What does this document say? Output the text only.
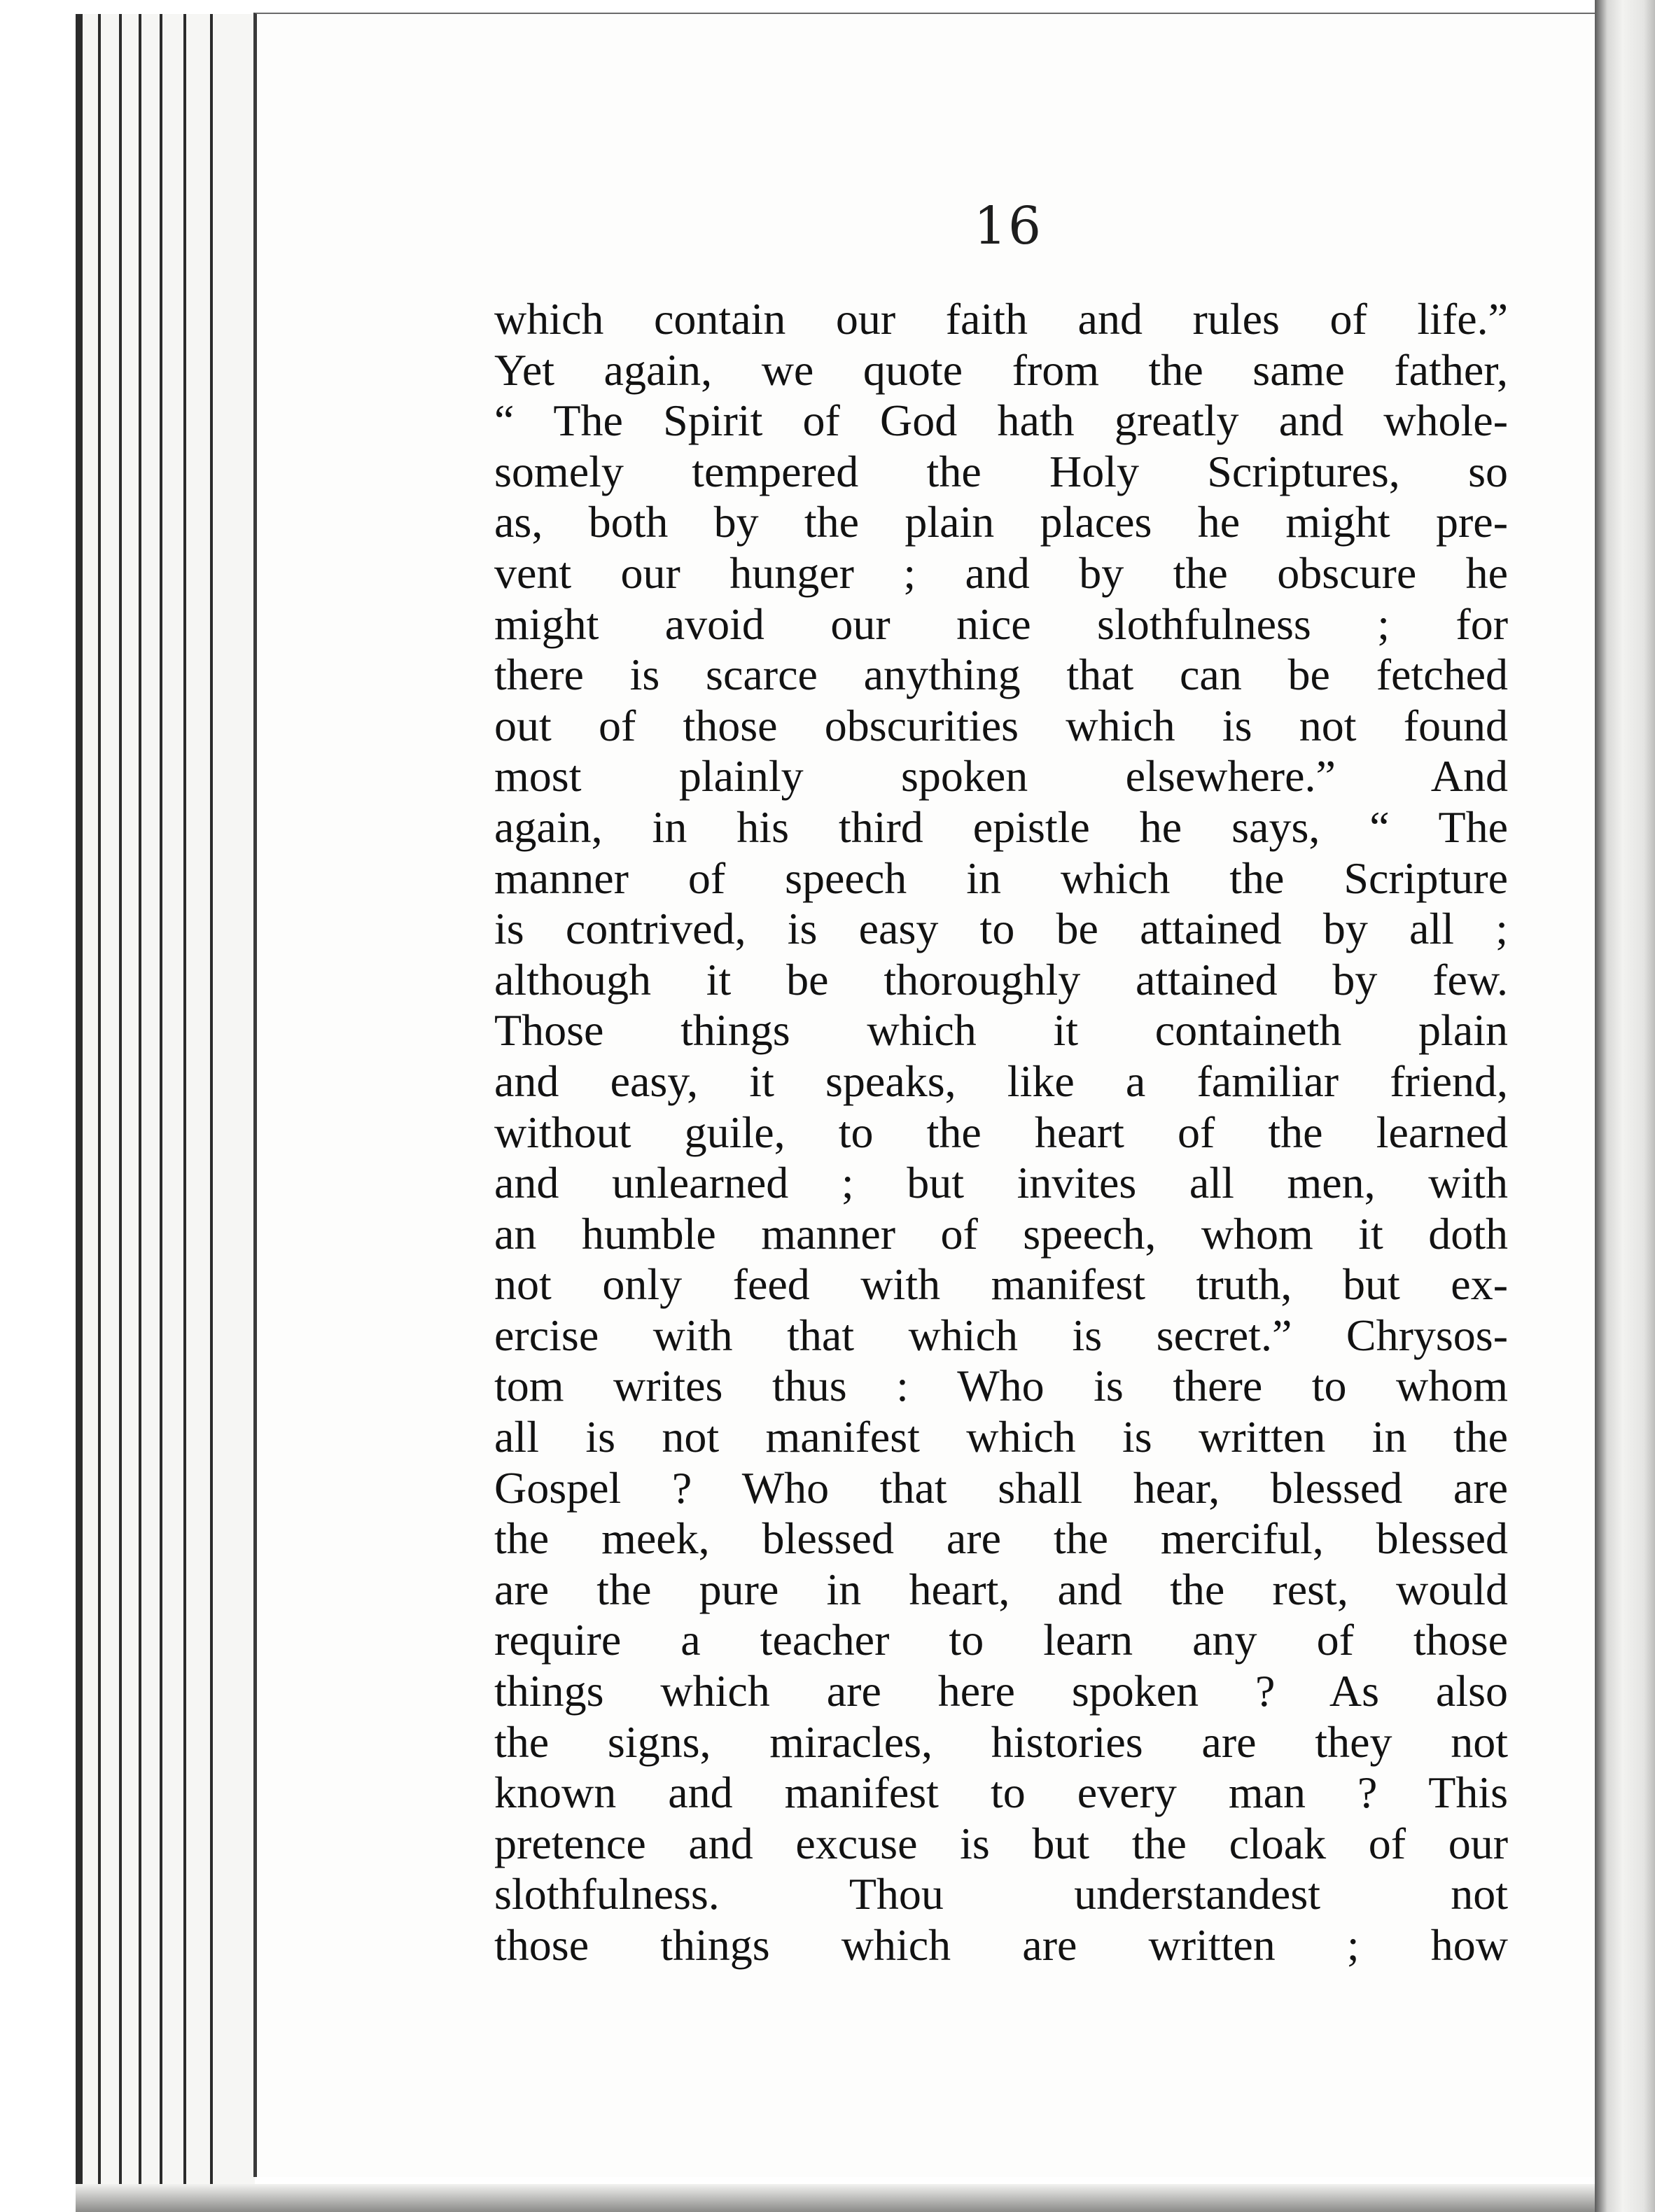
16
which contain our faith and rules of life.”
Yet again, we quote from the same father,
“ The Spirit of God hath greatly and whole-
somely tempered the Holy Scriptures, so
as, both by the plain places he might pre-
vent our hunger ; and by the obscure he
might avoid our nice slothfulness ; for
there is scarce anything that can be fetched
out of those obscurities which is not found
most plainly spoken elsewhere.” And
again, in his third epistle he says, “ The
manner of speech in which the Scripture
is contrived, is easy to be attained by all ;
although it be thoroughly attained by few.
Those things which it containeth plain
and easy, it speaks, like a familiar friend,
without guile, to the heart of the learned
and unlearned ; but invites all men, with
an humble manner of speech, whom it doth
not only feed with manifest truth, but ex-
ercise with that which is secret.” Chrysos-
tom writes thus : Who is there to whom
all is not manifest which is written in the
Gospel ? Who that shall hear, blessed are
the meek, blessed are the merciful, blessed
are the pure in heart, and the rest, would
require a teacher to learn any of those
things which are here spoken ? As also
the signs, miracles, histories are they not
known and manifest to every man ? This
pretence and excuse is but the cloak of our
slothfulness. Thou understandest not
those things which are written ; how
